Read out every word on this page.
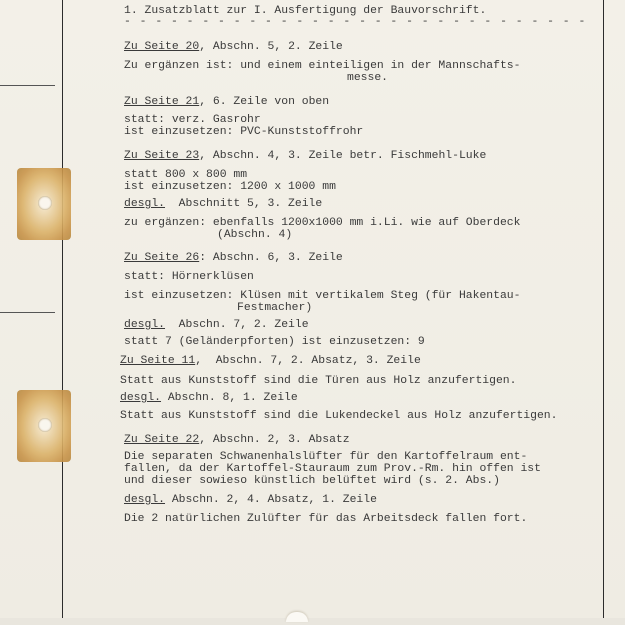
1. Zusatzblatt zur I. Ausfertigung der Bauvorschrift.
- - - - - - - - - - - - - - - - - - - - - - - - - - - - - -
Zu Seite 20, Abschn. 5, 2. Zeile
Zu ergänzen ist: und einem einteiligen in der Mannschafts-
messe.
Zu Seite 21, 6. Zeile von oben
statt: verz. Gasrohr
ist einzusetzen: PVC-Kunststoffrohr
Zu Seite 23, Abschn. 4, 3. Zeile betr. Fischmehl-Luke
statt 800 x 800 mm
ist einzusetzen: 1200 x 1000 mm
desgl.  Abschnitt 5, 3. Zeile
zu ergänzen: ebenfalls 1200x1000 mm i.Li. wie auf Oberdeck
(Abschn. 4)
Zu Seite 26: Abschn. 6, 3. Zeile
statt: Hörnerklüsen
ist einzusetzen: Klüsen mit vertikalem Steg (für Hakentau-
Festmacher)
desgl.  Abschn. 7, 2. Zeile
statt 7 (Geländerpforten) ist einzusetzen: 9
Zu Seite 11,  Abschn. 7, 2. Absatz, 3. Zeile
Statt aus Kunststoff sind die Türen aus Holz anzufertigen.
desgl. Abschn. 8, 1. Zeile
Statt aus Kunststoff sind die Lukendeckel aus Holz anzufertigen.
Zu Seite 22, Abschn. 2, 3. Absatz
Die separaten Schwanenhalslüfter für den Kartoffelraum ent-
fallen, da der Kartoffel-Stauraum zum Prov.-Rm. hin offen ist
und dieser sowieso künstlich belüftet wird (s. 2. Abs.)
desgl. Abschn. 2, 4. Absatz, 1. Zeile
Die 2 natürlichen Zulüfter für das Arbeitsdeck fallen fort.
